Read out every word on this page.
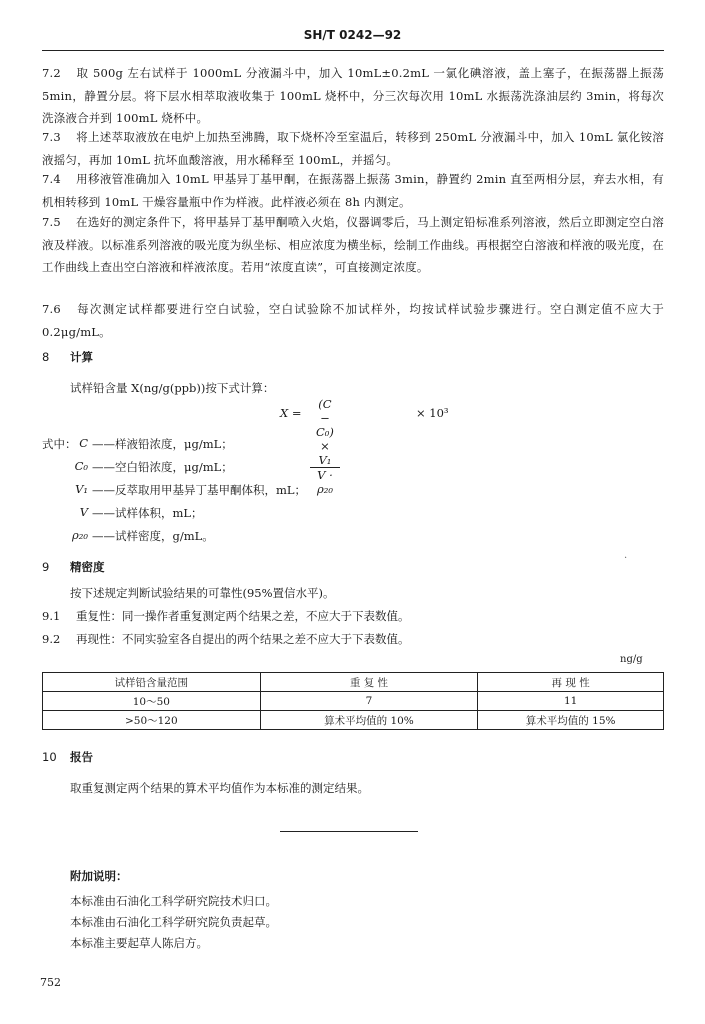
SH/T 0242—92
7.2 取 500g 左右试样于 1000mL 分液漏斗中，加入 10mL±0.2mL 一氯化碘溶液，盖上塞子，在振荡器上振荡 5min，静置分层。将下层水相萃取液收集于 100mL 烧杯中，分三次每次用 10mL 水振荡洗涤油层约 3min，将每次洗涤液合并到 100mL 烧杯中。
7.3 将上述萃取液放在电炉上加热至沸腾，取下烧杯冷至室温后，转移到 250mL 分液漏斗中，加入 10mL 氯化铵溶液摇匀，再加 10mL 抗坏血酸溶液，用水稀释至 100mL，并摇匀。
7.4 用移液管准确加入 10mL 甲基异丁基甲酮，在振荡器上振荡 3min，静置约 2min 直至两相分层，弃去水相，有机相转移到 10mL 干燥容量瓶中作为样液。此样液必须在 8h 内测定。
7.5 在选好的测定条件下，将甲基异丁基甲酮喷入火焰，仪器调零后，马上测定铅标准系列溶液，然后立即测定空白溶液及样液。以标准系列溶液的吸光度为纵坐标、相应浓度为横坐标，绘制工作曲线。再根据空白溶液和样液的吸光度，在工作曲线上查出空白溶液和样液浓度。若用“浓度直读”，可直接测定浓度。
7.6 每次测定试样都要进行空白试验，空白试验除不加试样外，均按试样试验步骤进行。空白测定值不应大于 0.2μg/mL。
8 计算
试样铅含量 X(ng/g(ppb))按下式计算：
$X = \frac{\text{(C − C₀) × V₁}}{\text{V · ρ₂₀}}$	× 10³
式中： C ——样液铅浓度，μg/mL；
C₀ ——空白铅浓度，μg/mL；
V₁ ——反萃取用甲基异丁基甲酮体积，mL；
V ——试样体积，mL；
ρ₂₀ ——试样密度，g/mL。
.
9 精密度
按下述规定判断试验结果的可靠性(95%置信水平)。
9.1 重复性：同一操作者重复测定两个结果之差，不应大于下表数值。
9.2 再现性：不同实验室各自提出的两个结果之差不应大于下表数值。
ng/g
试样铅含量范围	重 复 性	再 现 性
10～50	7	11
>50～120	算术平均值的 10%	算术平均值的 15%
10 报告
取重复测定两个结果的算术平均值作为本标准的测定结果。
附加说明：
本标准由石油化工科学研究院技术归口。
本标准由石油化工科学研究院负责起草。
本标准主要起草人陈启方。
752
